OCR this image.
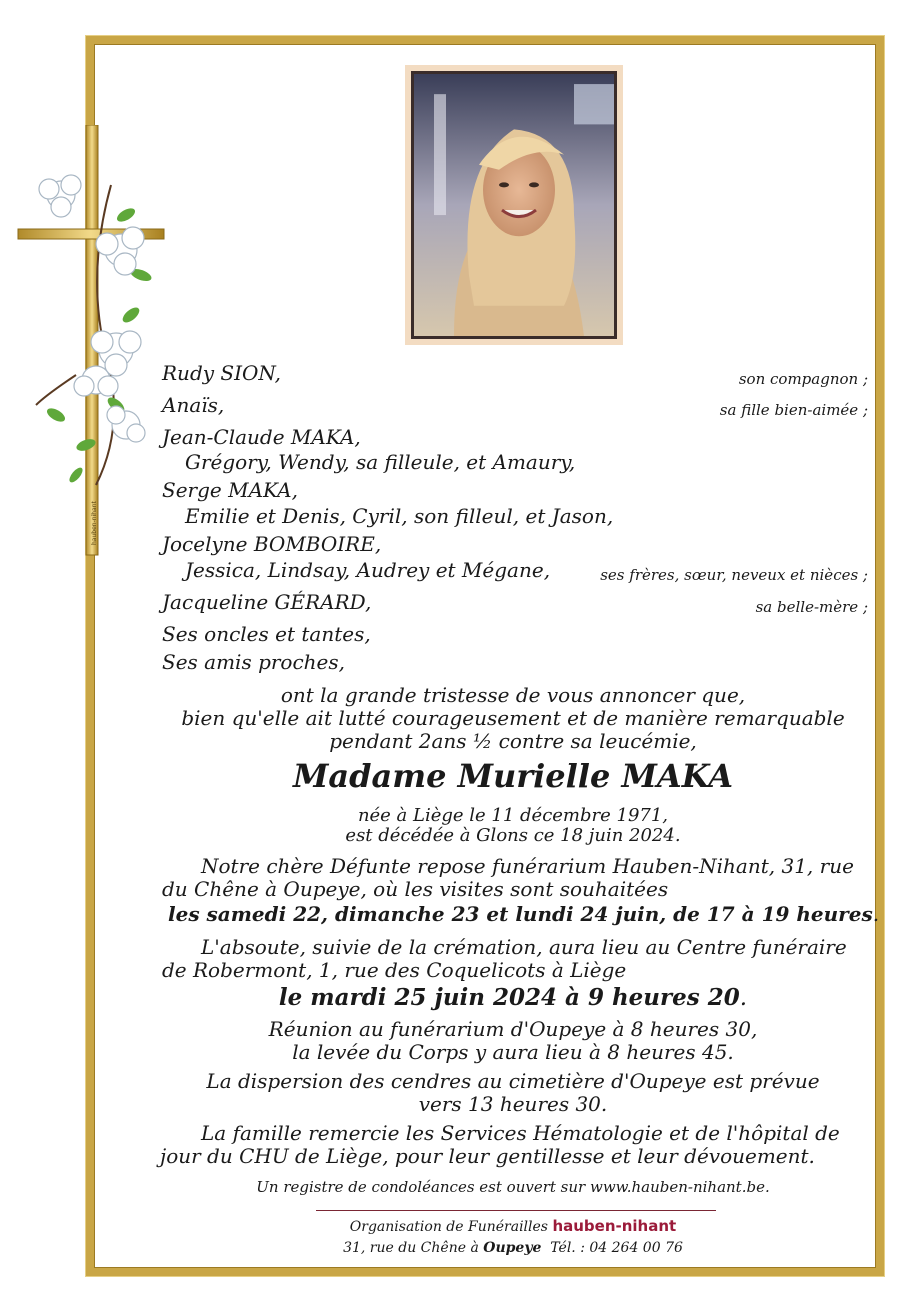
hauben-nihant
Rudy SION,
Anaïs,
Jean-Claude MAKA,
Grégory, Wendy, sa filleule, et Amaury,
Serge MAKA,
Emilie et Denis, Cyril, son filleul, et Jason,
Jocelyne BOMBOIRE,
Jessica, Lindsay, Audrey et Mégane,
Jacqueline GÉRARD,
Ses oncles et tantes,
Ses amis proches,
son compagnon ;
sa fille bien-aimée ;
ses frères, sœur, neveux et nièces ;
sa belle-mère ;
ont la grande tristesse de vous annoncer que,
bien qu'elle ait lutté courageusement et de manière remarquable
pendant 2ans ½ contre sa leucémie,
Madame Murielle MAKA
née à Liège le 11 décembre 1971,
est décédée à Glons ce 18 juin 2024.
Notre chère Défunte repose funérarium Hauben-Nihant, 31, rue
du Chêne à Oupeye, où les visites sont souhaitées
les samedi 22, dimanche 23 et lundi 24 juin, de 17 à 19 heures.
L'absoute, suivie de la crémation, aura lieu au Centre funéraire
de Robermont, 1, rue des Coquelicots à Liège
le mardi 25 juin 2024 à 9 heures 20.
Réunion au funérarium d'Oupeye à 8 heures 30,
la levée du Corps y aura lieu à 8 heures 45.
La dispersion des cendres au cimetière d'Oupeye est prévue
vers 13 heures 30.
La famille remercie les Services Hématologie et de l'hôpital de
jour du CHU de Liège, pour leur gentillesse et leur dévouement.
Un registre de condoléances est ouvert sur www.hauben-nihant.be.
Organisation de Funérailles hauben-nihant
31, rue du Chêne à Oupeye Tél. : 04 264 00 76
